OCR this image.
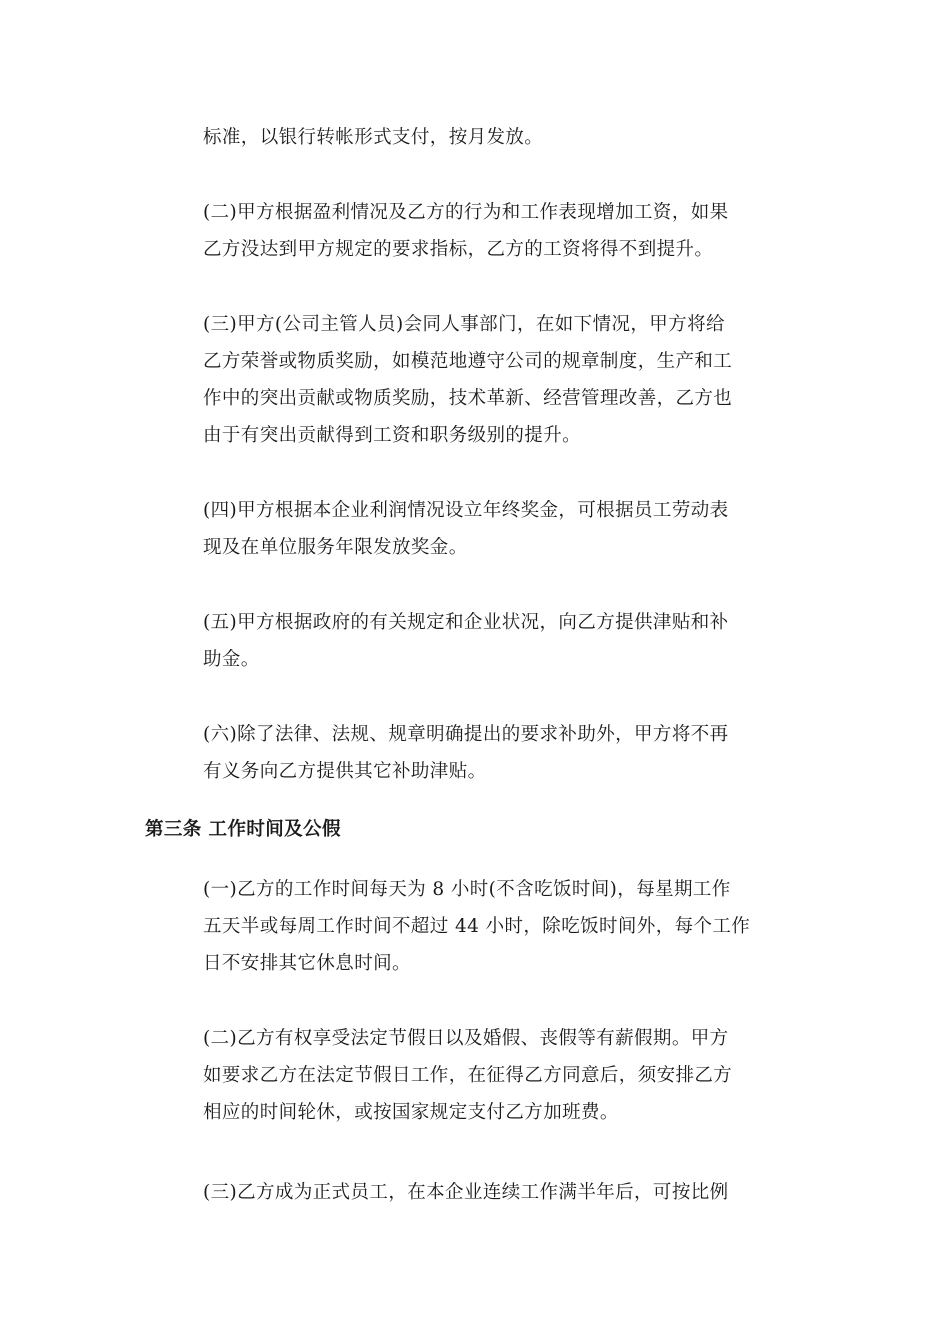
标准，以银行转帐形式支付，按月发放。

(二)甲方根据盈利情况及乙方的行为和工作表现增加工资，如果
乙方没达到甲方规定的要求指标，乙方的工资将得不到提升。

(三)甲方(公司主管人员)会同人事部门，在如下情况，甲方将给
乙方荣誉或物质奖励，如模范地遵守公司的规章制度，生产和工
作中的突出贡献或物质奖励，技术革新、经营管理改善，乙方也
由于有突出贡献得到工资和职务级别的提升。

(四)甲方根据本企业利润情况设立年终奖金，可根据员工劳动表
现及在单位服务年限发放奖金。

(五)甲方根据政府的有关规定和企业状况，向乙方提供津贴和补
助金。

(六)除了法律、法规、规章明确提出的要求补助外，甲方将不再
有义务向乙方提供其它补助津贴。

第三条 工作时间及公假

(一)乙方的工作时间每天为 8 小时(不含吃饭时间)，每星期工作
五天半或每周工作时间不超过 44 小时，除吃饭时间外，每个工作
日不安排其它休息时间。

(二)乙方有权享受法定节假日以及婚假、丧假等有薪假期。甲方
如要求乙方在法定节假日工作，在征得乙方同意后，须安排乙方
相应的时间轮休，或按国家规定支付乙方加班费。

(三)乙方成为正式员工，在本企业连续工作满半年后，可按比例
